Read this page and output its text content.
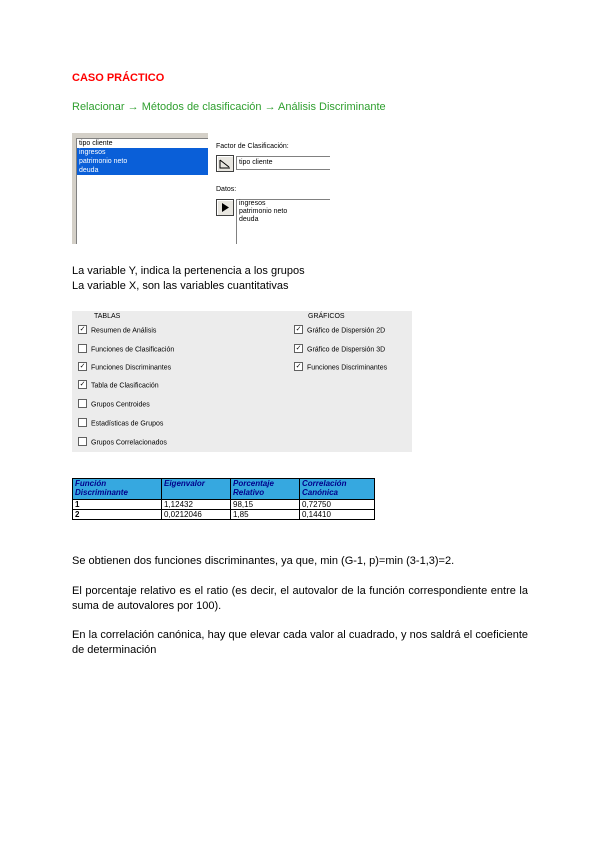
CASO PRÁCTICO
Relacionar → Métodos de clasificación → Análisis Discriminante
tipo cliente
ingresos
patrimonio neto
deuda
Factor de Clasificación:
tipo cliente
Datos:
ingresos
patrimonio neto
deuda
La variable Y, indica la pertenencia a los grupos
La variable X, son las variables cuantitativas
TABLAS	GRÁFICOS
✓ Resumen de Análisis
Funciones de Clasificación
✓ Funciones Discriminantes
✓ Tabla de Clasificación
Grupos Centroides
Estadísticas de Grupos
Grupos Correlacionados
✓ Gráfico de Dispersión 2D
✓ Gráfico de Dispersión 3D
✓ Funciones Discriminantes
Función Discriminante	Eigenvalor	Porcentaje Relativo	Correlación Canónica
1	1,12432	98,15	0,72750
2	0,0212046	1,85	0,14410

Se obtienen dos funciones discriminantes, ya que, min (G-1, p)=min (3-1,3)=2.

El porcentaje relativo es el ratio (es decir, el autovalor de la función correspondiente entre la suma de autovalores por 100).

En la correlación canónica, hay que elevar cada valor al cuadrado, y nos saldrá el coeficiente de determinación
